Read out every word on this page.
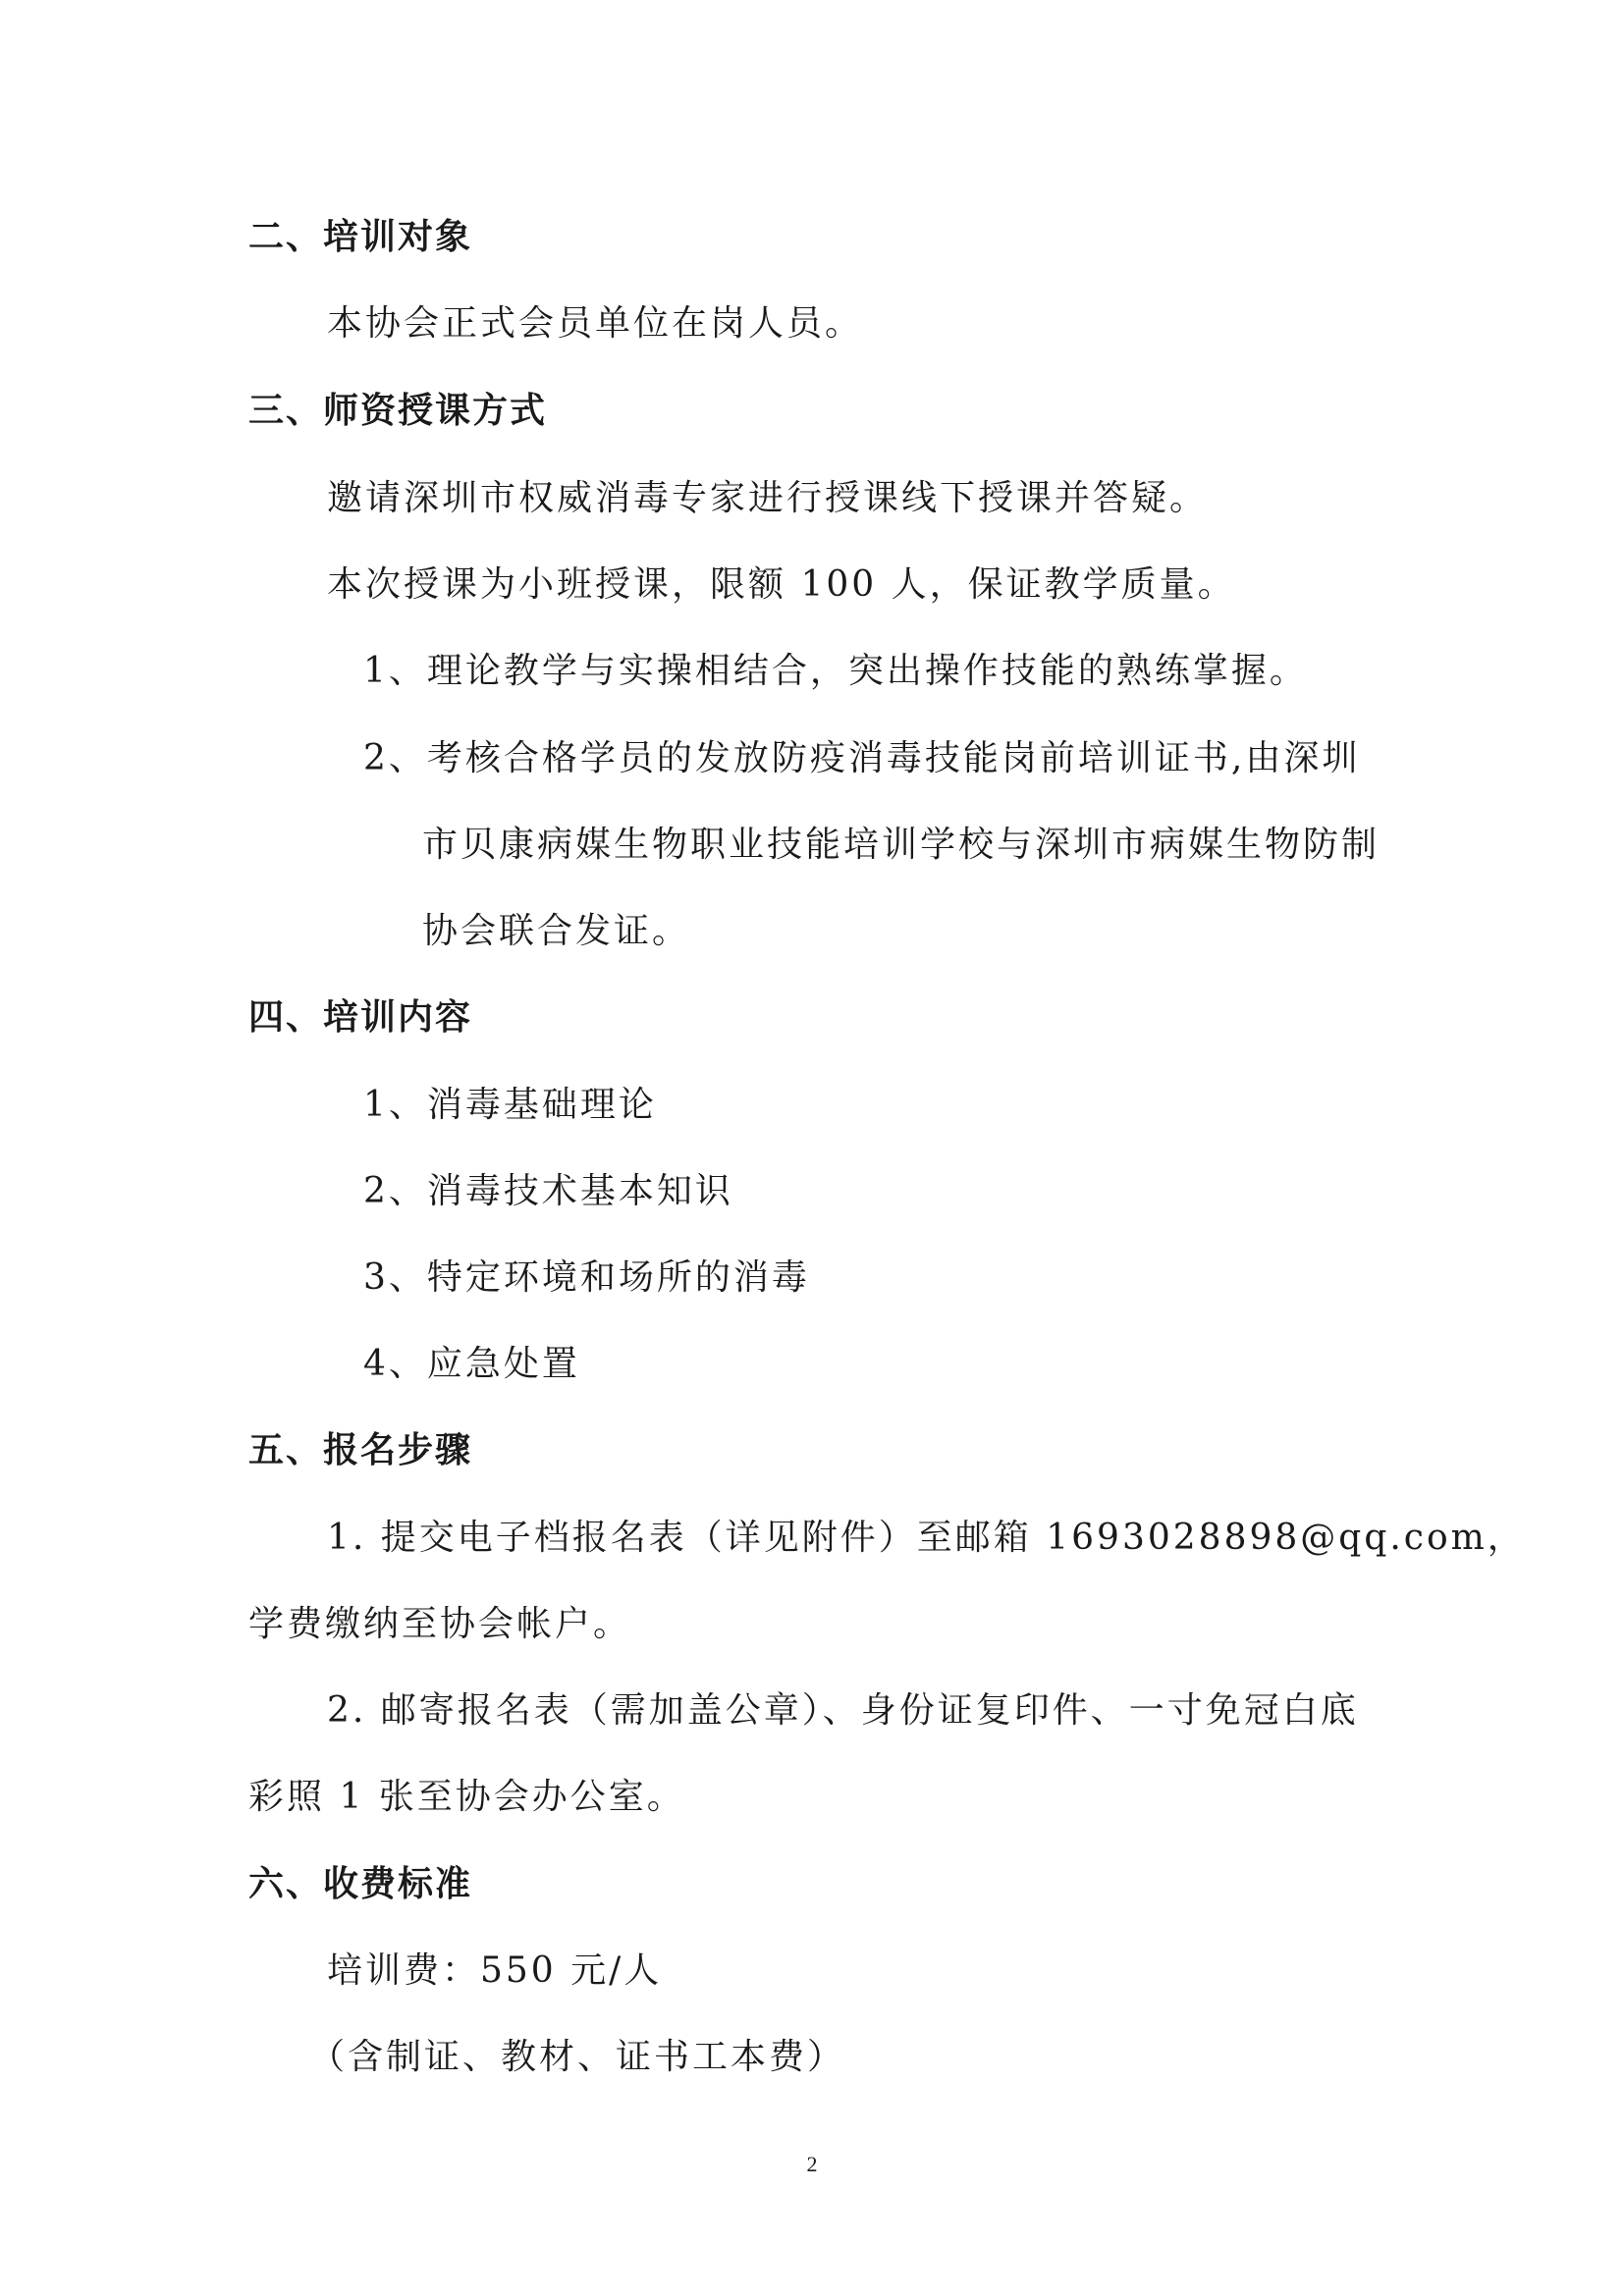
二、培训对象
本协会正式会员单位在岗人员。
三、师资授课方式
邀请深圳市权威消毒专家进行授课线下授课并答疑。
本次授课为小班授课，限额 100 人，保证教学质量。
1、理论教学与实操相结合，突出操作技能的熟练掌握。
2、考核合格学员的发放防疫消毒技能岗前培训证书,由深圳
市贝康病媒生物职业技能培训学校与深圳市病媒生物防制
协会联合发证。
四、培训内容
1、消毒基础理论
2、消毒技术基本知识
3、特定环境和场所的消毒
4、应急处置
五、报名步骤
1. 提交电子档报名表（详见附件）至邮箱 1693028898@qq.com，
学费缴纳至协会帐户。
2. 邮寄报名表（需加盖公章）、身份证复印件、一寸免冠白底
彩照 1 张至协会办公室。
六、收费标准
培训费：550 元/人
（含制证、教材、证书工本费）
2
